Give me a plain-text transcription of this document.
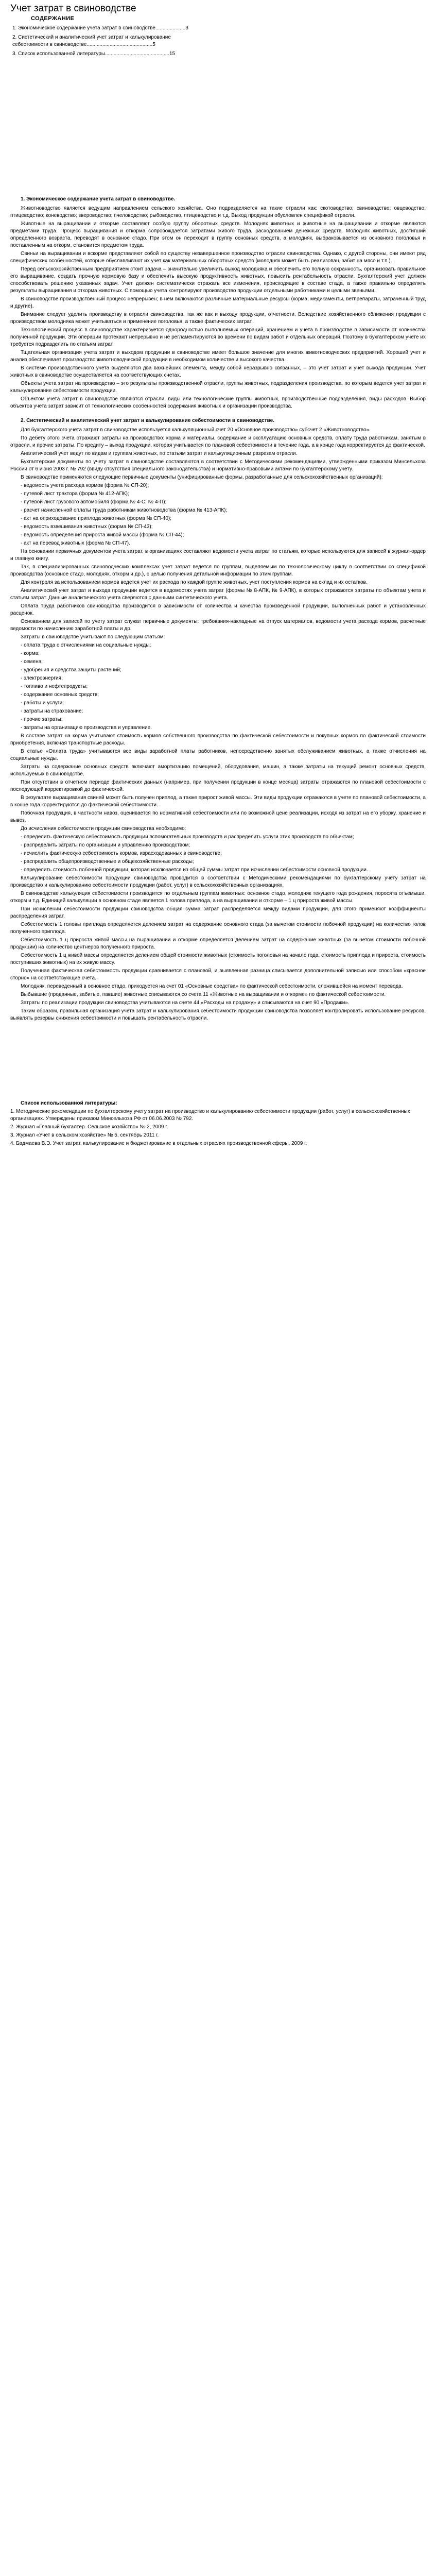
Учет затрат в свиноводстве
СОДЕРЖАНИЕ
1. Экономическое содержание учета затрат в свиноводстве.....................3
2. Систетический и аналитический учет затрат и калькулирование себестоимости в свиноводстве..............................................5
3. Список использованной литературы.............................................15
1. Экономическое содержание учета затрат в свиноводстве.

Животноводство является ведущим направлением сельского хозяйства. Оно подразделяется на такие отрасли как: скотоводство; свиноводство; овцеводство; птицеводство; коневодство; звероводство; пчеловодство; рыбоводство, птицеводство и т.д. Выход продукции обусловлен спецификой отрасли.

Животные на выращивании и откорме составляют особую группу оборотных средств. Молодняк животных и животные на выращивании и откорме являются предметами труда. Процесс выращивания и откорма сопровождается затратами живого труда, расходованием денежных средств. Молодняк животных, достигший определенного возраста, переводят в основное стадо. При этом он переходит в группу основных средств, а молодняк, выбраковывается из основного поголовья и поставленным на откорм, становится предметом труда.

Свиньи на выращивании и вскорме представляют собой по существу незавершенное производство отрасли свиноводства. Однако, с другой стороны, они имеют ряд специфических особенностей, которые обуславливают их учет как материальных оборотных средств (молодняк может быть реализован, забит на мясо и т.п.).

Перед сельскохозяйственным предприятием стоит задача – значительно увеличить выход молодняка и обеспечить его полную сохранность, организовать правильное его выращивание, создать прочную кормовую базу и обеспечить высокую продуктивность животных, повысить рентабельность отрасли. Бухгалтерский учет должен способствовать решению указанных задач. Учет должен систематически отражать все изменения, происходящие в составе стада, а также правильно определять результаты выращивания и откорма животных. С помощью учета контролируют производство продукции отдельными работниками и целыми звеньями.

В свиноводстве производственный процесс непрерывен; в нем включаются различные материальные ресурсы (корма, медикаменты, ветпрепараты, затраченный труд и другие).

Внимание следует уделить производству в отрасли свиноводства, так же как и выходу продукции, отчетности. Вследствие хозяйственного сближения продукции с производством молодняка может учитываться и применение поголовья, а также фактических затрат.

Технологический процесс в свиноводстве характеризуется однородностью выполняемых операций, хранением и учета в производстве в зависимости от количества полученной продукции. Эти операции протекают непрерывно и не регламентируются во времени по видам работ и отдельных операций. Поэтому в бухгалтерском учете их требуется подразделить по статьям затрат.

Тщательная организация учета затрат и выходом продукции в свиноводстве имеет большое значение для многих животноводческих предприятий. Хороший учет и анализ обеспечивает производство животноводческой продукции в необходимом количестве и высокого качества.

В системе производственного учета выделяются два важнейших элемента, между собой неразрывно связанных, – это учет затрат и учет выхода продукции. Учет животных в свиноводстве осуществляется на соответствующих счетах.

Объекты учета затрат на производство – это результаты производственной отрасли, группы животных, подразделения производства, по которым ведется учет затрат и калькулирование себестоимости продукции.

Объектом учета затрат в свиноводстве являются отрасли, виды или технологические группы животных, производственные подразделения, виды расходов. Выбор объектов учета затрат зависит от технологических особенностей содержания животных и организации производства.

2. Систетический и аналитический учет затрат и калькулирование себестоимости в свиноводстве.

Для бухгалтерского учета затрат в свиноводстве используется калькуляционный счет 20 «Основное производство» субсчет 2 «Животноводство».

По дебету этого счета отражают затраты на производство: корма и материалы, содержание и эксплуатацию основных средств, оплату труда работникам, занятым в отрасли, и прочие затраты. По кредиту – выход продукции, которая учитывается по плановой себестоимости в течение года, а в конце года корректируется до фактической.

Аналитический учет ведут по видам и группам животных, по статьям затрат и калькуляционным разрезам отрасли.

Бухгалтерские документы по учету затрат в свиноводстве составляются в соответствии с Методическими рекомендациями, утвержденными приказом Минсельхоза России от 6 июня 2003 г. № 792 (ввиду отсутствия специального законодательства) и нормативно-правовыми актами по бухгалтерскому учету.

В свиноводстве применяются следующие первичные документы (унифицированные формы, разработанные для сельскохозяйственных организаций):

- ведомость учета расхода кормов (форма № СП-20);
- путевой лист трактора (форма № 412-АПК);
- путевой лист грузового автомобиля (форма № 4-С, № 4-П);
- расчет начисленной оплаты труда работникам животноводства (форма № 413-АПК);
- акт на оприходование приплода животных (форма № СП-40);
- ведомость взвешивания животных (форма № СП-43);
- ведомость определения прироста живой массы (форма № СП-44);
- акт на перевод животных (форма № СП-47).

На основании первичных документов учета затрат, в организациях составляют ведомости учета затрат по статьям, которые используются для записей в журнал-ордер и главную книгу.

Так, в специализированных свиноводческих комплексах учет затрат ведется по группам, выделяемым по технологическому циклу в соответствии со спецификой производства (основное стадо, молодняк, откорм и др.), с целью получения детальной информации по этим группам.

Для контроля за использованием кормов ведется учет их расхода по каждой группе животных, учет поступления кормов на склад и их остатков.

Аналитический учет затрат и выхода продукции ведется в ведомостях учета затрат (формы № 8-АПК, № 9-АПК), в которых отражаются затраты по объектам учета и статьям затрат. Данные аналитического учета сверяются с данными синтетического учета.

Оплата труда работников свиноводства производится в зависимости от количества и качества произведенной продукции, выполненных работ и установленных расценок.

Основанием для записей по учету затрат служат первичные документы: требования-накладные на отпуск материалов, ведомости учета расхода кормов, расчетные ведомости по начислению заработной платы и др.

Затраты в свиноводстве учитывают по следующим статьям:

- оплата труда с отчислениями на социальные нужды;
- корма;
- семена;
- удобрения и средства защиты растений;
- электроэнергия;
- топливо и нефтепродукты;
- содержание основных средств;
- работы и услуги;
- затраты на страхование;
- прочие затраты;
- затраты на организацию производства и управление.

В составе затрат на корма учитывают стоимость кормов собственного производства по фактической себестоимости и покупных кормов по фактической стоимости приобретения, включая транспортные расходы.

В статье «Оплата труда» учитываются все виды заработной платы работников, непосредственно занятых обслуживанием животных, а также отчисления на социальные нужды.

Затраты на содержание основных средств включают амортизацию помещений, оборудования, машин, а также затраты на текущий ремонт основных средств, используемых в свиноводстве.

При отсутствии в отчетном периоде фактических данных (например, при получении продукции в конце месяца) затраты отражаются по плановой себестоимости с последующей корректировкой до фактической.

В результате выращивания свиней может быть получен приплод, а также прирост живой массы. Эти виды продукции отражаются в учете по плановой себестоимости, а в конце года корректируются до фактической себестоимости.

Побочная продукция, в частности навоз, оценивается по нормативной себестоимости или по возможной цене реализации, исходя из затрат на его уборку, хранение и вывоз.

До исчисления себестоимости продукции свиноводства необходимо:

- определить фактическую себестоимость продукции вспомогательных производств и распределить услуги этих производств по объектам;

- распределить затраты по организации и управлению производством;

- исчислить фактическую себестоимость кормов, израсходованных в свиноводстве;

- распределить общепроизводственные и общехозяйственные расходы;

- определить стоимость побочной продукции, которая исключается из общей суммы затрат при исчислении себестоимости основной продукции.

Калькулирование себестоимости продукции свиноводства проводится в соответствии с Методическими рекомендациями по бухгалтерскому учету затрат на производство и калькулированию себестоимости продукции (работ, услуг) в сельскохозяйственных организациях.

В свиноводстве калькуляция себестоимости производится по отдельным группам животных: основное стадо, молодняк текущего года рождения, поросята отъемыши, откорм и т.д. Единицей калькуляции в основном стаде является 1 голова приплода, а на выращивании и откорме – 1 ц прироста живой массы.

При исчислении себестоимости продукции свиноводства общая сумма затрат распределяется между видами продукции, для этого применяют коэффициенты распределения затрат.

Себестоимость 1 головы приплода определяется делением затрат на содержание основного стада (за вычетом стоимости побочной продукции) на количество голов полученного приплода.

Себестоимость 1 ц прироста живой массы на выращивании и откорме определяется делением затрат на содержание животных (за вычетом стоимости побочной продукции) на количество центнеров полученного прироста.

Себестоимость 1 ц живой массы определяется делением общей стоимости животных (стоимость поголовья на начало года, стоимость приплода и прироста, стоимость поступивших животных) на их живую массу.

Полученная фактическая себестоимость продукции сравнивается с плановой, и выявленная разница списывается дополнительной записью или способом «красное сторно» на соответствующие счета.

Молодняк, переведенный в основное стадо, приходуется на счет 01 «Основные средства» по фактической себестоимости, сложившейся на момент перевода.

Выбывшие (проданные, забитые, павшие) животные списываются со счета 11 «Животные на выращивании и откорме» по фактической себестоимости.

Затраты по реализации продукции свиноводства учитываются на счете 44 «Расходы на продажу» и списываются на счет 90 «Продажи».

Таким образом, правильная организация учета затрат и калькулирования себестоимости продукции свиноводства позволяет контролировать использование ресурсов, выявлять резервы снижения себестоимости и повышать рентабельность отрасли.

Список использованной литературы:

1. Методические рекомендации по бухгалтерскому учету затрат на производство и калькулированию себестоимости продукции (работ, услуг) в сельскохозяйственных организациях. Утверждены приказом Минсельхоза РФ от 06.06.2003 № 792.

2. Журнал «Главный бухгалтер. Сельское хозяйство» № 2, 2009 г.

3. Журнал «Учет в сельском хозяйстве» № 5, сентябрь 2011 г.

4. Бадмаева В.Э. Учет затрат, калькулирование и бюджетирование в отдельных отраслях производственной сферы, 2009 г.
